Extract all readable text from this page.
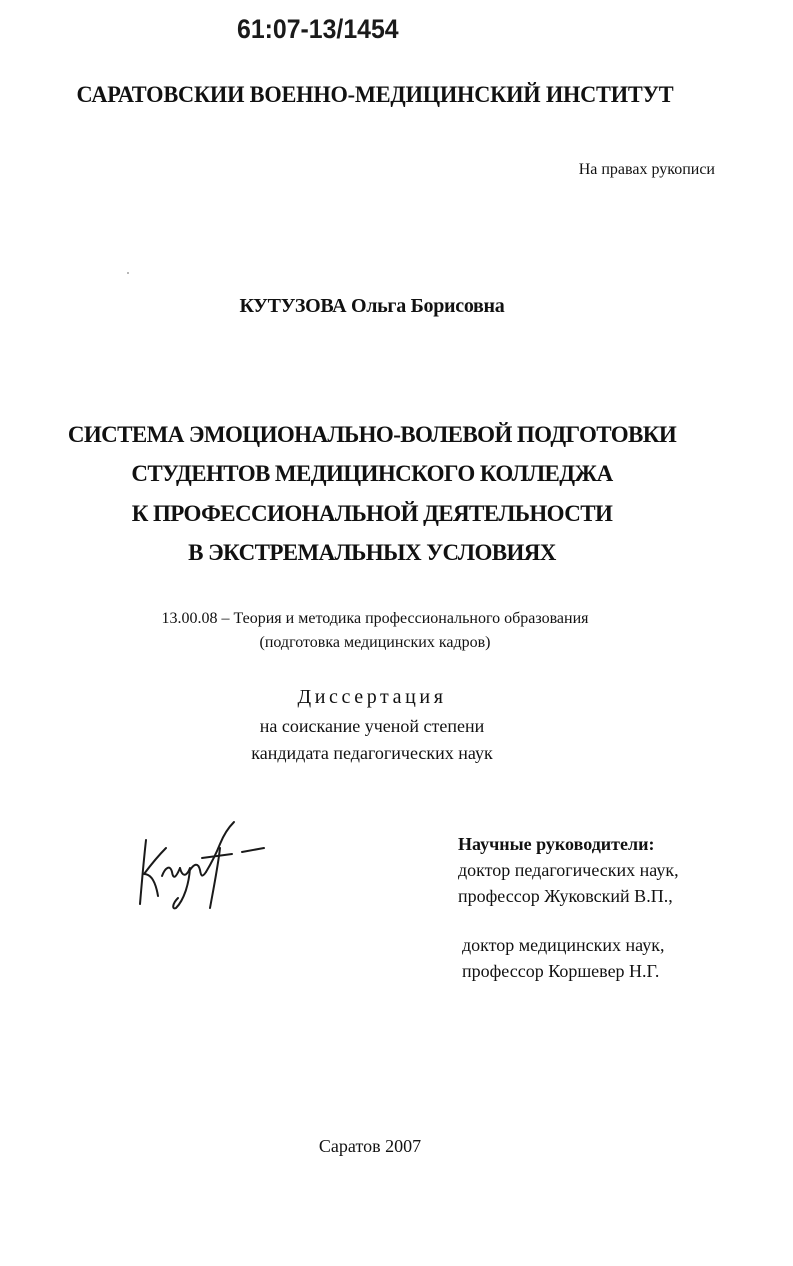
61:07-13/1454
САРАТОВСКИИ ВОЕННО-МЕДИЦИНСКИЙ ИНСТИТУТ
На правах рукописи
КУТУЗОВА Ольга Борисовна
СИСТЕМА ЭМОЦИОНАЛЬНО-ВОЛЕВОЙ ПОДГОТОВКИ
СТУДЕНТОВ МЕДИЦИНСКОГО КОЛЛЕДЖА
К ПРОФЕССИОНАЛЬНОЙ ДЕЯТЕЛЬНОСТИ
В ЭКСТРЕМАЛЬНЫХ УСЛОВИЯХ
13.00.08 – Теория и методика профессионального образования
(подготовка медицинских кадров)
Диссертация
на соискание ученой степени
кандидата педагогических наук
Научные руководители:
доктор педагогических наук,
профессор Жуковский В.П.,
доктор медицинских наук,
профессор Коршевер Н.Г.
Саратов 2007
